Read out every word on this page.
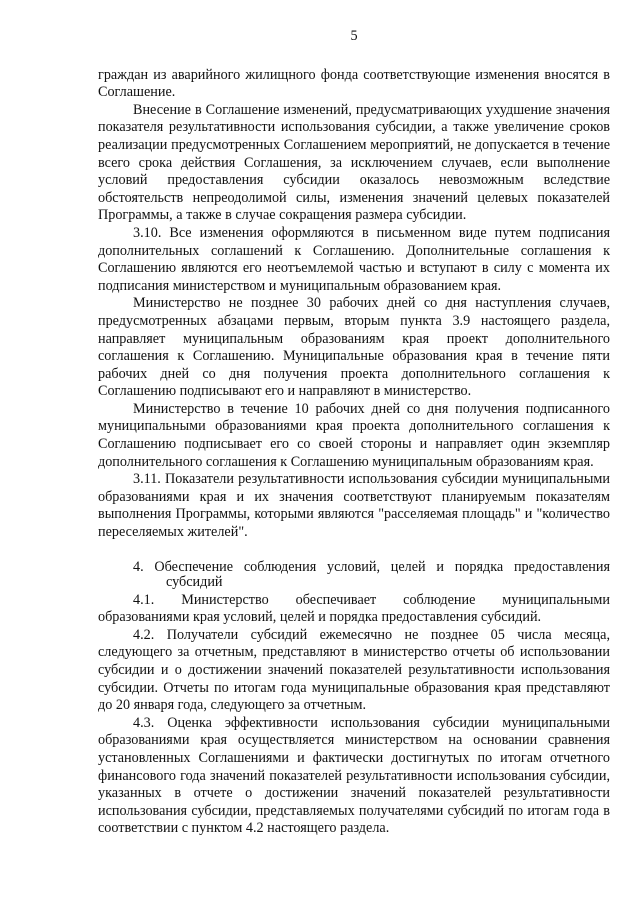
5

граждан из аварийного жилищного фонда соответствующие изменения вносятся в Соглашение.

Внесение в Соглашение изменений, предусматривающих ухудшение значения показателя результативности использования субсидии, а также увеличение сроков реализации предусмотренных Соглашением мероприятий, не допускается в течение всего срока действия Соглашения, за исключением случаев, если выполнение условий предоставления субсидии оказалось невозможным вследствие обстоятельств непреодолимой силы, изменения значений целевых показателей Программы, а также в случае сокращения размера субсидии.

3.10. Все изменения оформляются в письменном виде путем подписания дополнительных соглашений к Соглашению. Дополнительные соглашения к Соглашению являются его неотъемлемой частью и вступают в силу с момента их подписания министерством и муниципальным образованием края.

Министерство не позднее 30 рабочих дней со дня наступления случаев, предусмотренных абзацами первым, вторым пункта 3.9 настоящего раздела, направляет муниципальным образованиям края проект дополнительного соглашения к Соглашению. Муниципальные образования края в течение пяти рабочих дней со дня получения проекта дополнительного соглашения к Соглашению подписывают его и направляют в министерство.

Министерство в течение 10 рабочих дней со дня получения подписанного муниципальными образованиями края проекта дополнительного соглашения к Соглашению подписывает его со своей стороны и направляет один экземпляр дополнительного соглашения к Соглашению муниципальным образованиям края.

3.11. Показатели результативности использования субсидии муниципальными образованиями края и их значения соответствуют планируемым показателям выполнения Программы, которыми являются "расселяемая площадь" и "количество переселяемых жителей".

4. Обеспечение соблюдения условий, целей и порядка предоставления
субсидий

4.1. Министерство обеспечивает соблюдение муниципальными образованиями края условий, целей и порядка предоставления субсидий.

4.2. Получатели субсидий ежемесячно не позднее 05 числа месяца, следующего за отчетным, представляют в министерство отчеты об использовании субсидии и о достижении значений показателей результативности использования субсидии. Отчеты по итогам года муниципальные образования края представляют до 20 января года, следующего за отчетным.

4.3. Оценка эффективности использования субсидии муниципальными образованиями края осуществляется министерством на основании сравнения установленных Соглашениями и фактически достигнутых по итогам отчетного финансового года значений показателей результативности использования субсидии, указанных в отчете о достижении значений показателей результативности использования субсидии, представляемых получателями субсидий по итогам года в соответствии с пунктом 4.2 настоящего раздела.
